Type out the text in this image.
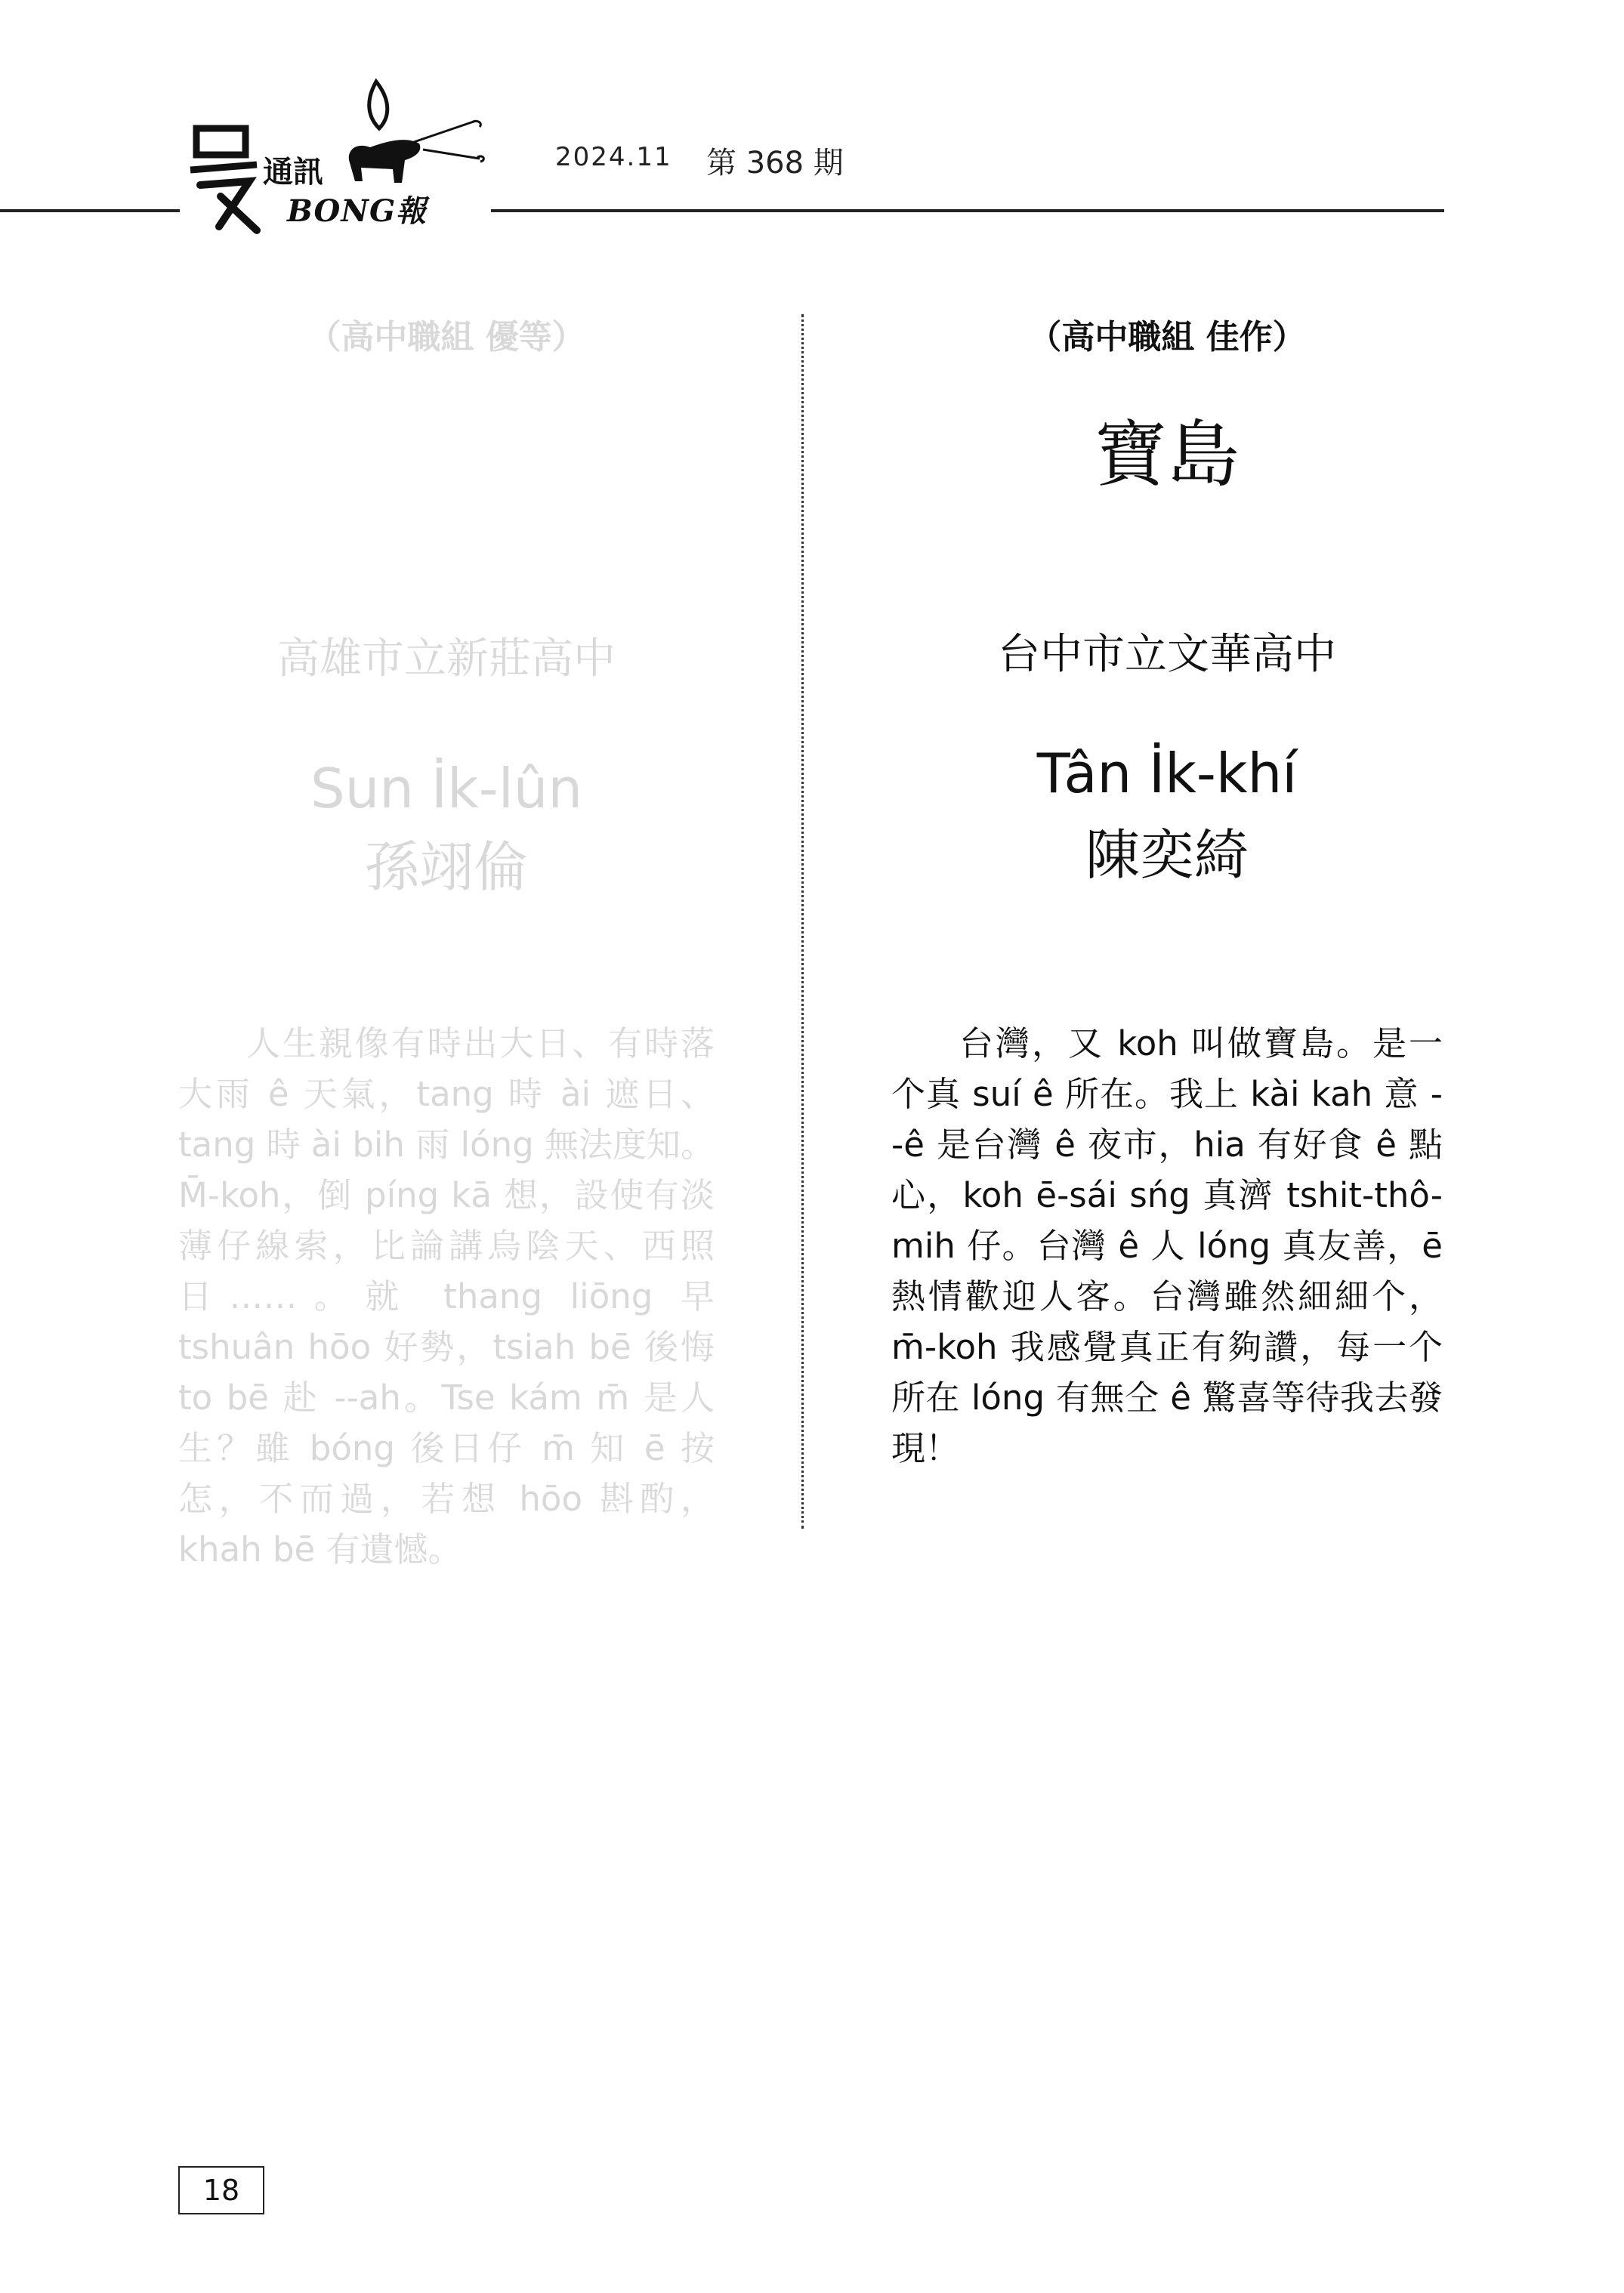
通訊
BONG報
2024.11 第 368 期
（高中職組 優等）
高雄市立新莊高中
Sun İk-lûn
孫翊倫
人生親像有時出大日、有時落大雨 ê 天氣，tang 時 ài 遮日、tang 時 ài bih 雨 lóng 無法度知。M̄-koh，倒 píng kā 想，設使有淡薄仔線索，比論講烏陰天、西照日……。就 thang liōng 早 tshuân hōo 好勢，tsiah bē 後悔 to bē 赴 --ah。Tse kám m̄ 是人生？雖 bóng 後日仔 m̄ 知 ē 按怎，不而過，若想 hōo 斟酌，khah bē 有遺憾。
（高中職組 佳作）
寶島
台中市立文華高中
Tân İk-khí
陳奕綺
台灣，又 koh 叫做寶島。是一个真 suí ê 所在。我上 kài kah 意 --ê 是台灣 ê 夜市，hia 有好食 ê 點心，koh ē-sái sńg 真濟 tshit-thô-mih 仔。台灣 ê 人 lóng 真友善，ē 熱情歡迎人客。台灣雖然細細个，m̄-koh 我感覺真正有夠讚，每一个所在 lóng 有無仝 ê 驚喜等待我去發現！
18
